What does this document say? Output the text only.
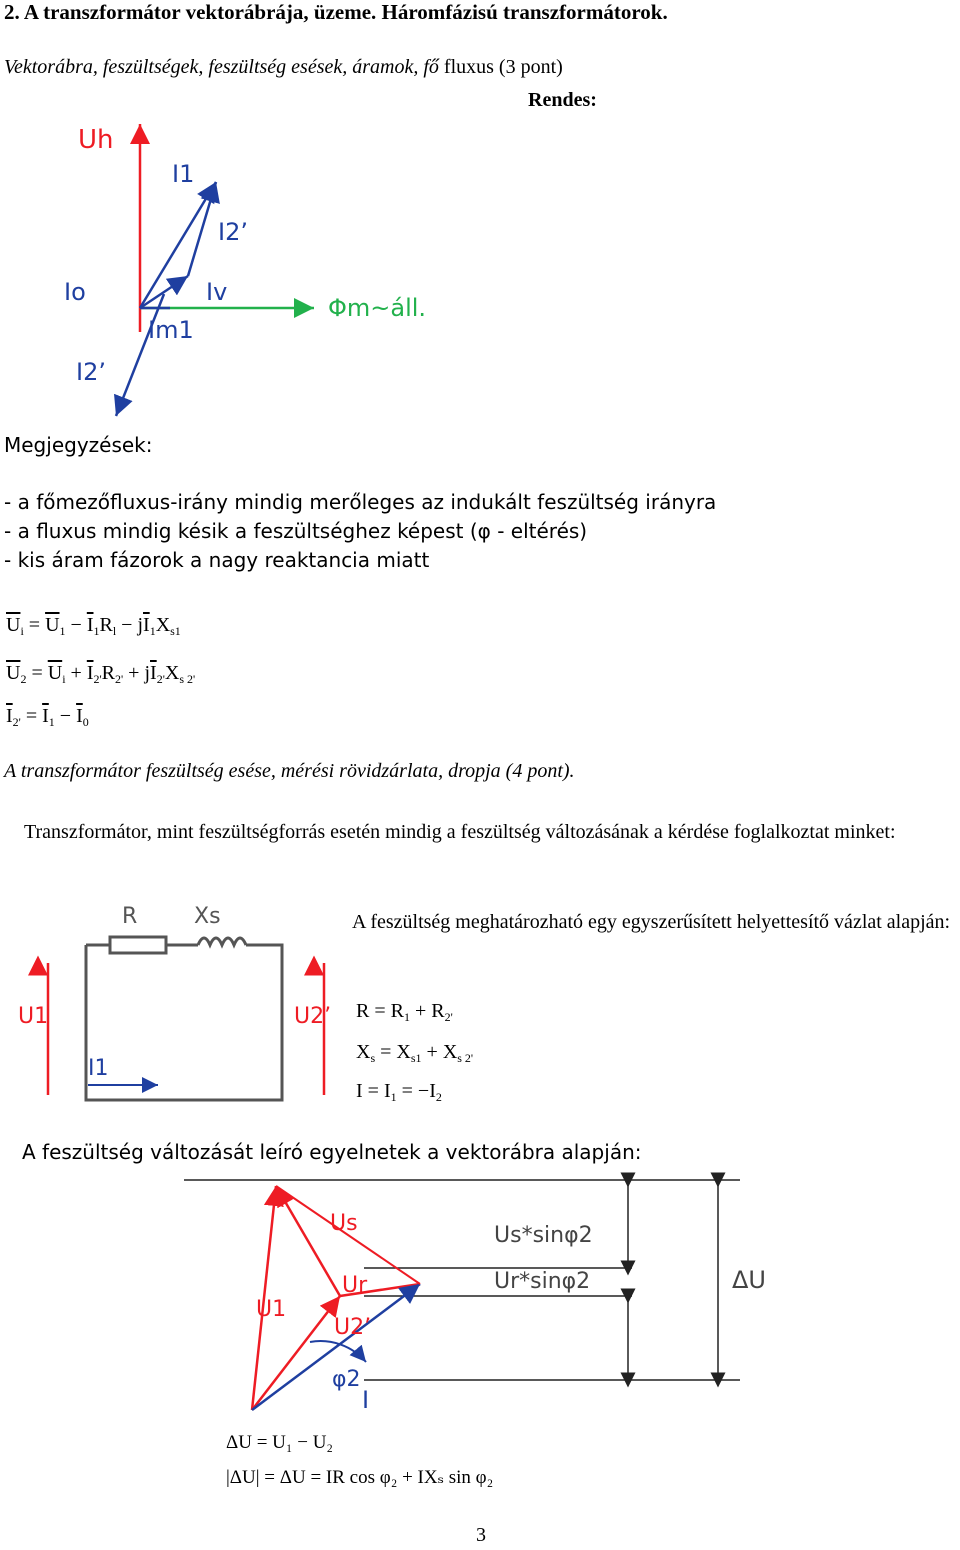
2. A transzformátor vektorábrája, üzeme. Háromfázisú transzformátorok.
Vektorábra, feszültségek, feszültség esések, áramok, fő fluxus (3 pont)
Rendes:
Uh
I1
I2’
Io	Iv
Im1
Φm~áll.
I2’
Megjegyzések:
- a főmezőfluxus-irány mindig merőleges az indukált feszültség irányra
- a fluxus mindig késik a feszültséghez képest (φ - eltérés)
- kis áram fázorok a nagy reaktancia miatt
$\overline{U}_i = \overline{U}_1 - \overline{I}_1R_l - j\overline{I}_1X_{s1}$
$\overline{U}_2 = \overline{U}_i + \overline{I}_{2'}R_{2'} + j\overline{I}_{2'}X_{s 2'}$
$\overline{I}_{2'} = \overline{I}_1 - \overline{I}_0$
A transzformátor feszültség esése, mérési rövidzárlata, dropja (4 pont).
Transzformátor, mint feszültségforrás esetén mindig a feszültség változásának a kérdése foglalkoztat minket:
R	Xs
U1	U2’
I1
A feszültség meghatározható egy egyszerűsített helyettesítő vázlat alapján:
$R = R_1 + R_{2'}$
$X_s = X_{s1} + X_{s 2'}$
$I = I_1 = -I_2$
A feszültség változását leíró egyelnetek a vektorábra alapján:
Us	Us*sinφ2
Ur*sinφ2	ΔU
U1
Ur
U2’
φ2
I
ΔU = U₁ − U₂
|ΔU| = ΔU = IR cos φ₂ + IXₛ sin φ₂
3
